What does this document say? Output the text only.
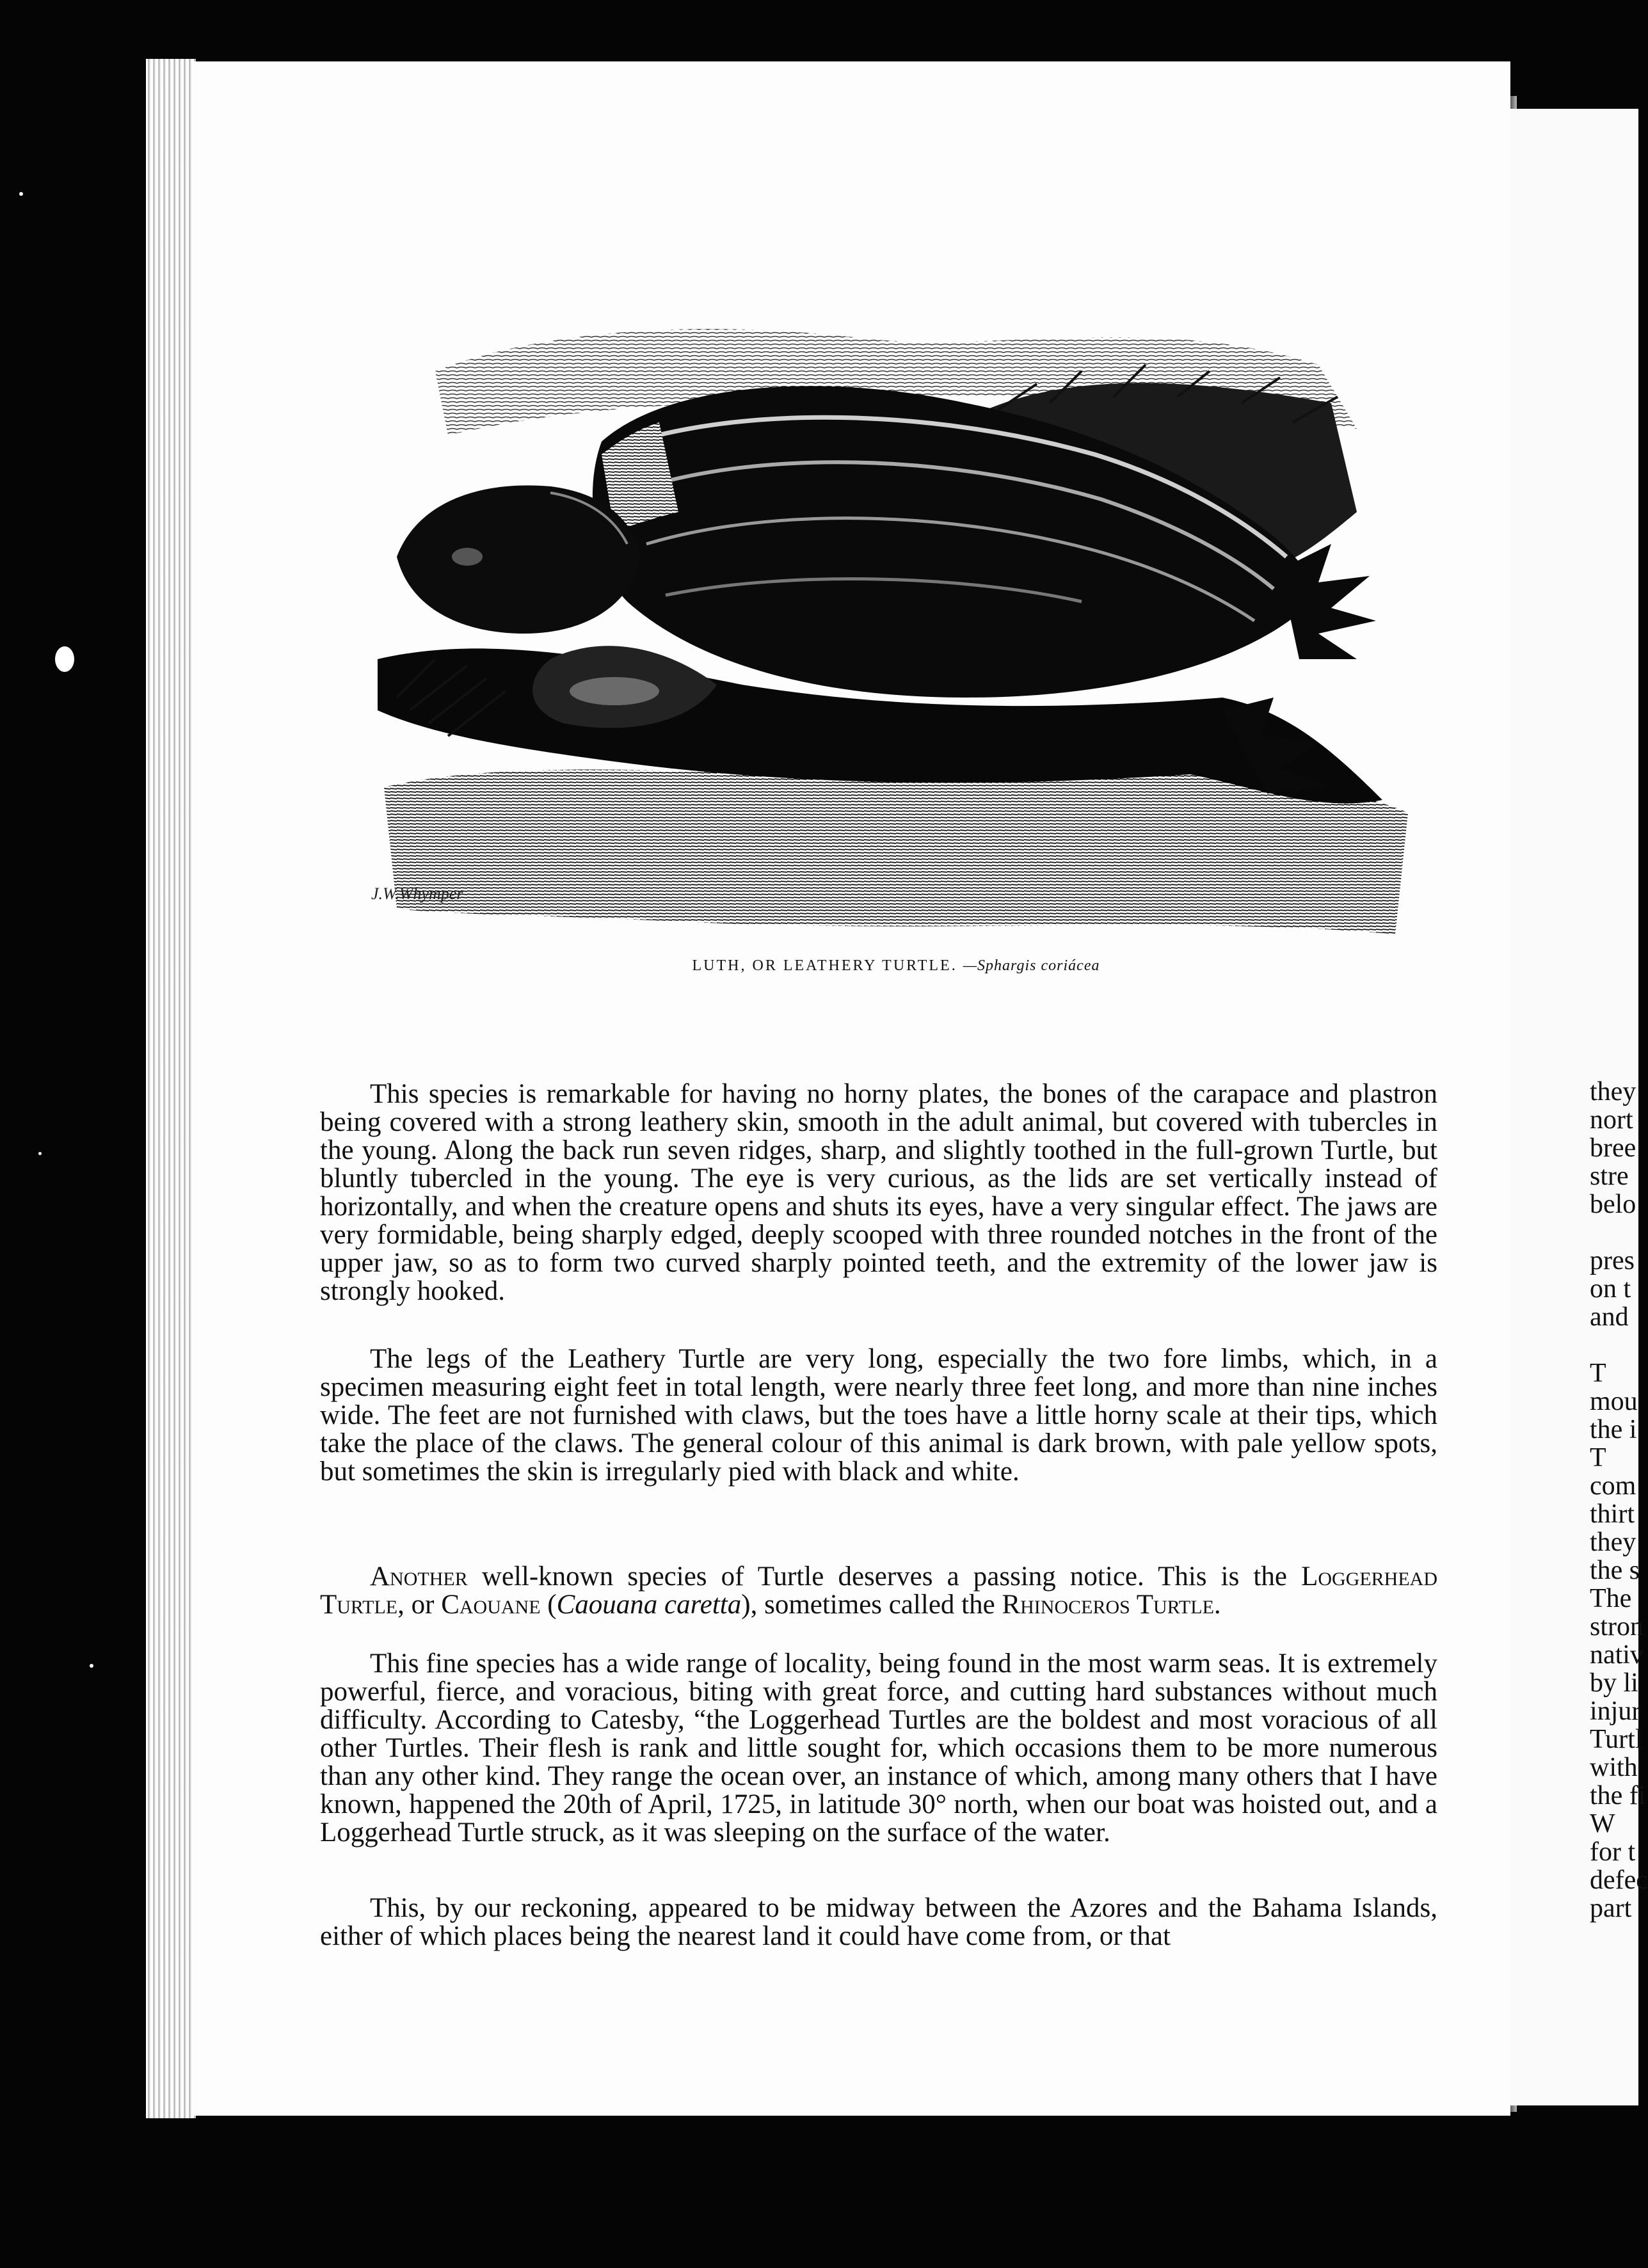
J.W.Whymper
LUTH, OR LEATHERY TURTLE. —Sphargis coriácea

This species is remarkable for having no horny plates, the bones of the carapace and plastron being covered with a strong leathery skin, smooth in the adult animal, but covered with tubercles in the young. Along the back run seven ridges, sharp, and slightly toothed in the full-grown Turtle, but bluntly tubercled in the young. The eye is very curious, as the lids are set vertically instead of horizontally, and when the creature opens and shuts its eyes, have a very singular effect. The jaws are very formidable, being sharply edged, deeply scooped with three rounded notches in the front of the upper jaw, so as to form two curved sharply pointed teeth, and the extremity of the lower jaw is strongly hooked.

The legs of the Leathery Turtle are very long, especially the two fore limbs, which, in a specimen measuring eight feet in total length, were nearly three feet long, and more than nine inches wide. The feet are not furnished with claws, but the toes have a little horny scale at their tips, which take the place of the claws. The general colour of this animal is dark brown, with pale yellow spots, but sometimes the skin is irregularly pied with black and white.

Another well-known species of Turtle deserves a passing notice. This is the Loggerhead Turtle, or Caouane (Caouana caretta), sometimes called the Rhinoceros Turtle.

This fine species has a wide range of locality, being found in the most warm seas. It is extremely powerful, fierce, and voracious, biting with great force, and cutting hard substances without much difficulty. According to Catesby, “the Loggerhead Turtles are the boldest and most voracious of all other Turtles. Their flesh is rank and little sought for, which occasions them to be more numerous than any other kind. They range the ocean over, an instance of which, among many others that I have known, happened the 20th of April, 1725, in latitude 30° north, when our boat was hoisted out, and a Loggerhead Turtle struck, as it was sleeping on the surface of the water.

This, by our reckoning, appeared to be midway between the Azores and the Bahama Islands, either of which places being the nearest land it could have come from, or that

they
nort
bree
stre
belo
pres
on t
and
T
mou
the i
T
com
thirt
they
the s
The
stron
nativ
by li
injur
Turtl
with
the fi
W
for t
defec
part
